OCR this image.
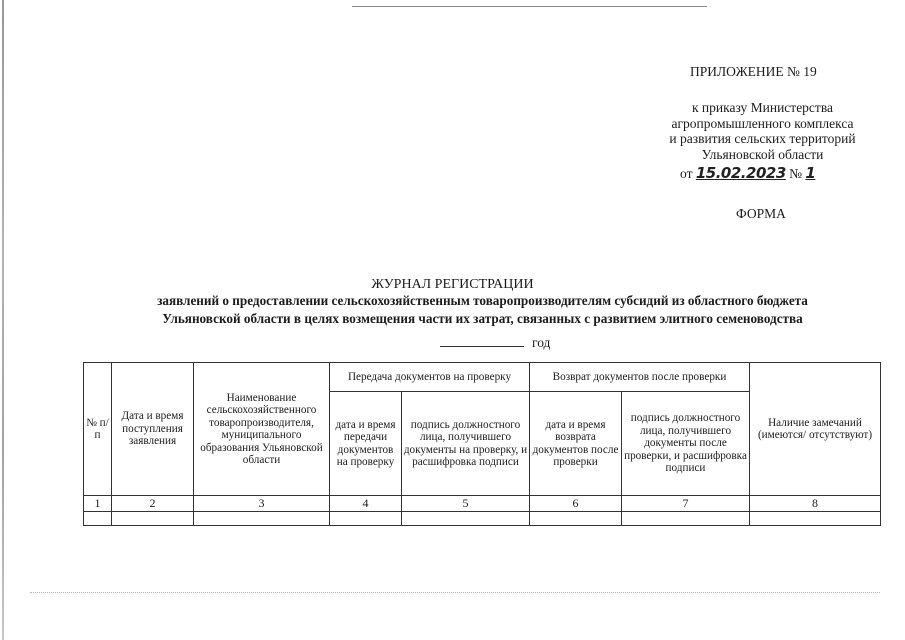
ПРИЛОЖЕНИЕ № 19
к приказу Министерства
агропромышленного комплекса
и развития сельских территорий
Ульяновской области
от 15.02.2023 № 1
ФОРМА
ЖУРНАЛ РЕГИСТРАЦИИ
заявлений о предоставлении сельскохозяйственным товаропроизводителям субсидий из областного бюджета
Ульяновской области в целях возмещения части их затрат, связанных с развитием элитного семеноводства
год
№ п/п	Дата и время поступления заявления	Наименование сельскохозяйственного товаропроизводителя, муниципального образования Ульяновской области	Передача документов на проверку		Возврат документов после проверки		Наличие замечаний (имеются/ отсутствуют)
			дата и время передачи документов на проверку	подпись должностного лица, получившего документы на проверку, и расшифровка подписи	дата и время возврата документов после проверки	подпись должностного лица, получившего документы после проверки, и расшифровка подписи	
1	2	3	4	5	6	7	8
